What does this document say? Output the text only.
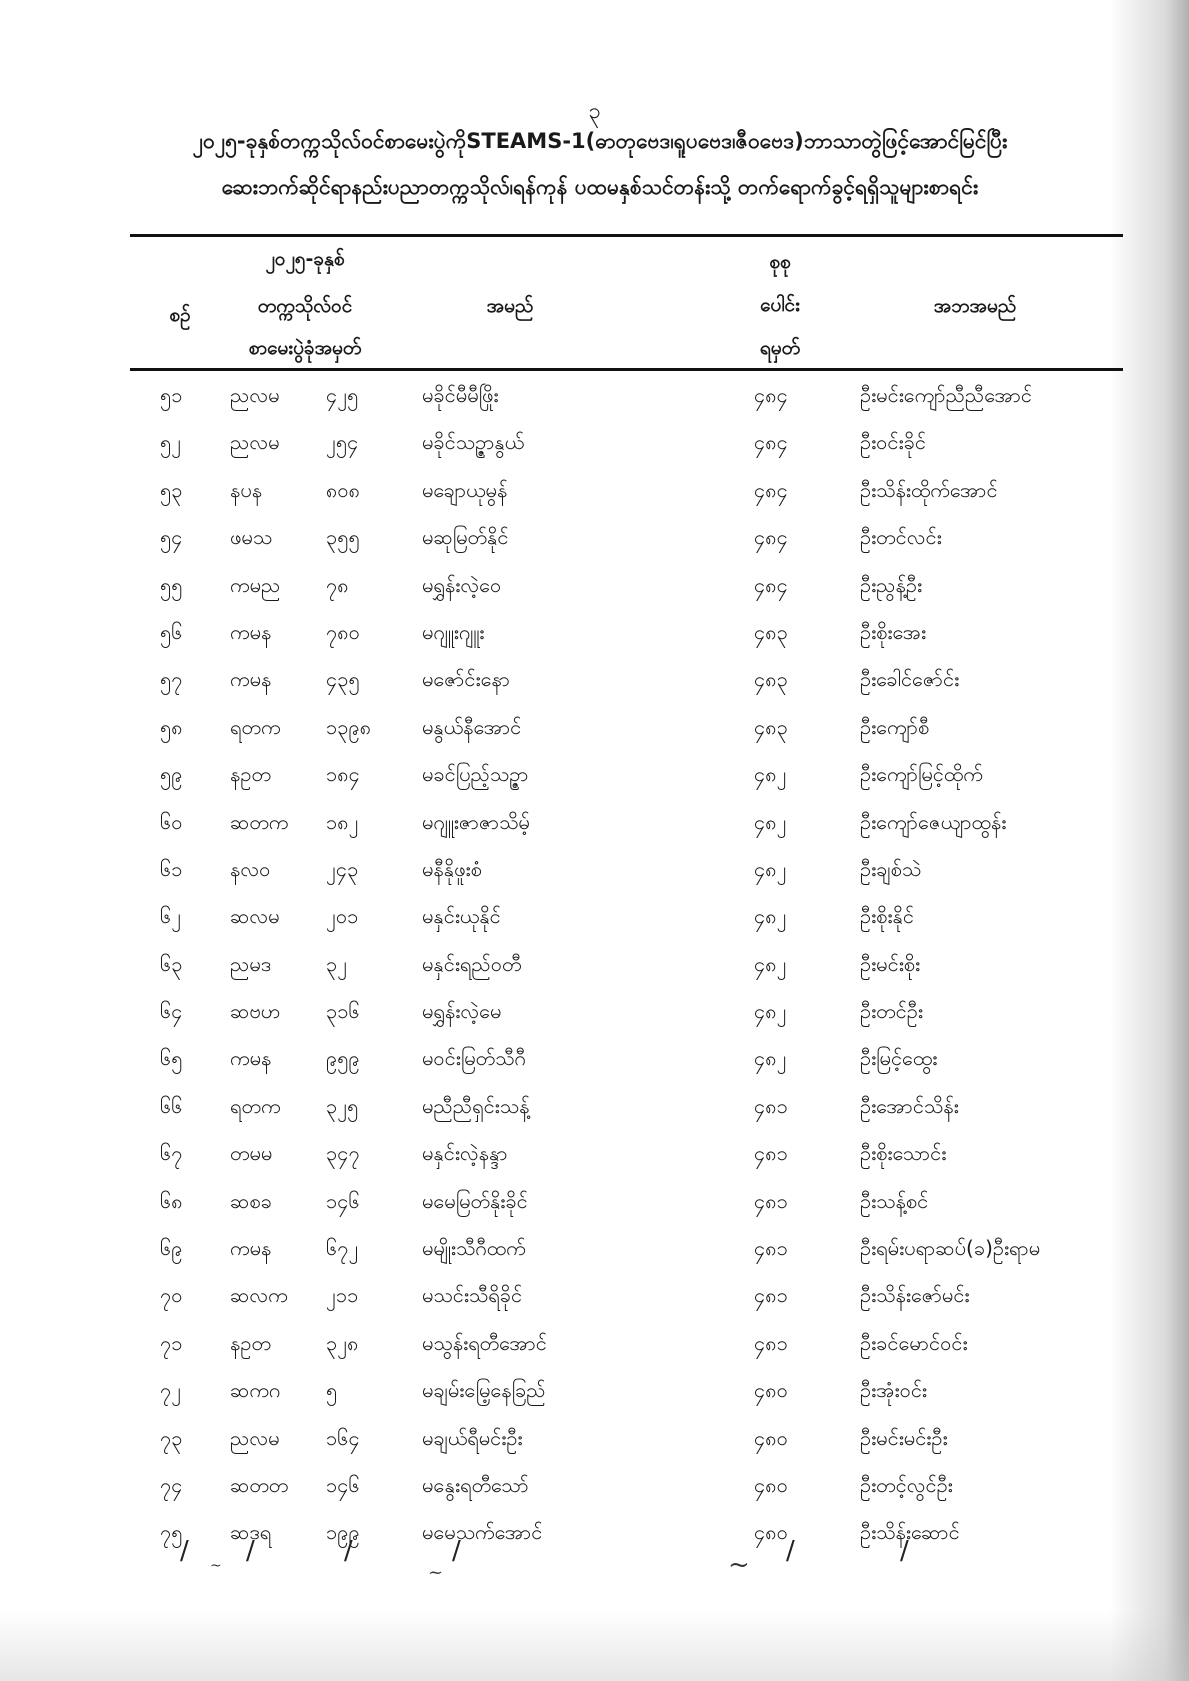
၃
၂၀၂၅-ခုနှစ်တက္ကသိုလ်ဝင်စာမေးပွဲကိုSTEAMS-1(ဓာတုဗေဒ၊ရူပဗေဒ၊ဇီဝဗေဒ)ဘာသာတွဲဖြင့်အောင်မြင်ပြီး
ဆေးဘက်ဆိုင်ရာနည်းပညာတက္ကသိုလ်၊ရန်ကုန် ပထမနှစ်သင်တန်းသို့ တက်ရောက်ခွင့်ရရှိသူများစာရင်း
စဉ်
၂၀၂၅-ခုနှစ်
တက္ကသိုလ်ဝင်
စာမေးပွဲခုံအမှတ်
အမည်
စုစု
ပေါင်း
ရမှတ်
အဘအမည်
၅၁ ညလမ ၄၂၅	မခိုင်မီမီဖြိုး	၄၈၄	ဦးမင်းကျော်ညီညီအောင်
၅၂ ညလမ ၂၅၄	မခိုင်သဥ္ဇာနွယ်	၄၈၄	ဦးဝင်းခိုင်
၅၃ နပန	၈၀၈	မချောယုမွန်	၄၈၄	ဦးသိန်းထိုက်အောင်
၅၄ ဖမသ	၃၅၅	မဆုမြတ်နိုင်	၄၈၄	ဦးတင်လင်း
၅၅ ကမည ၇၈	မရွှန်းလဲ့ဝေ	၄၈၄	ဦးညွန့်ဦး
၅၆ ကမန	၇၈၀	မဂျူးဂျူး	၄၈၃	ဦးစိုးအေး
၅၇ ကမန	၄၃၅	မဇော်င်းနော	၄၈၃	ဦးခေါင်ဇော်င်း
၅၈ ရတက ၁၃၉၈	မနွယ်နီအောင်	၄၈၃	ဦးကျော်စီ
၅၉ နဥတ	၁၈၄	မခင်ပြည့်သဥ္ဇာ	၄၈၂	ဦးကျော်မြင့်ထိုက်
၆၀ ဆတက ၁၈၂	မဂျူးဇာဇာသိမ့်	၄၈၂	ဦးကျော်ဇေယျာထွန်း
၆၁ နလဝ	၂၄၃	မနီနိုဖူးစံ	၄၈၂	ဦးချစ်သဲ
၆၂ ဆလမ ၂၀၁	မနှင်းယုနိုင်	၄၈၂	ဦးစိုးနိုင်
၆၃ ညမဒ	၃၂	မနှင်းရည်ဝတီ	၄၈၂	ဦးမင်းစိုး
၆၄ ဆဗဟ ၃၁၆	မရွှန်းလဲ့မေ	၄၈၂	ဦးတင်ဦး
၆၅ ကမန	၉၅၉	မဝင်းမြတ်သီဂီ	၄၈၂	ဦးမြင့်ထွေး
၆၆ ရတက ၃၂၅	မညီညီရှင်းသန့်	၄၈၁	ဦးအောင်သိန်း
၆၇ တမမ	၃၄၇	မနှင်းလဲ့နန္ဒာ	၄၈၁	ဦးစိုးသောင်း
၆၈ ဆစခ	၁၄၆	မမေမြတ်နိုးခိုင်	၄၈၁	ဦးသန့်စင်
၆၉ ကမန	၆၇၂	မမျိုးသီဂီထက်	၄၈၁	ဦးရမ်းပရာဆပ်(ခ)ဦးရာမ
၇၀ ဆလက ၂၁၁	မသင်းသီရိခိုင်	၄၈၁	ဦးသိန်းဇော်မင်း
၇၁ နဥတ	၃၂၈	မသွန်းရတီအောင်	၄၈၁	ဦးခင်မောင်ဝင်း
၇၂ ဆကဂ ၅	မချမ်းမြေ့နေခြည်	၄၈၀	ဦးအုံးဝင်း
၇၃ ညလမ ၁၆၄	မချယ်ရီမင်းဦး	၄၈၀	ဦးမင်းမင်းဦး
၇၄ ဆတတ ၁၄၆	မနွေးရတီသော်	၄၈၀	ဦးတင့်လွင်ဦး
၇၅ ဆဒရ	၁၉၉	မမေသက်အောင်	၄၈၀	ဦးသိန်းဆောင်
/ /	/	/	/	/
~	~	~
